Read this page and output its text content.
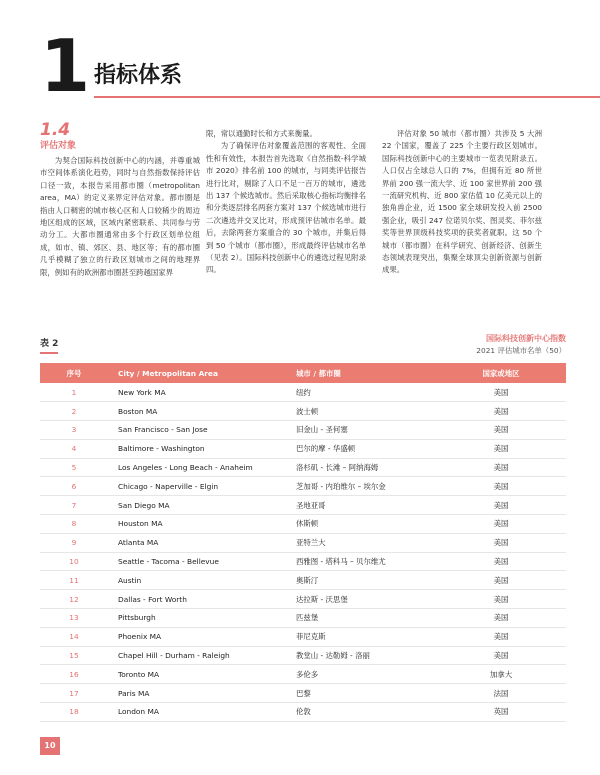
1 指标体系
1.4
评估对象

为契合国际科技创新中心的内涵，并尊重城市空间体系演化趋势，同时与自然指数保持评估口径一致，本报告采用都市圈（metropolitan area，MA）的定义来界定评估对象。都市圈是指由人口稠密的城市核心区和人口较稀少的周边地区组成的区域，区域内紧密联系、共同参与劳动分工。大都市圈通常由多个行政区划单位组成，如市、镇、郊区、县、地区等；有的都市圈几乎模糊了独立的行政区划城市之间的地理界限，例如有的欧洲都市圈甚至跨越国家界

限，常以通勤时长和方式来衡量。

为了确保评估对象覆盖范围的客观性、全面性和有效性，本报告首先选取《自然指数-科学城市 2020》排名前 100 的城市，与同类评估报告进行比对，剔除了人口不足一百万的城市，遴选出 137 个候选城市。然后采取核心指标均衡排名和分类逐层排名两套方案对 137 个候选城市进行二次遴选并交叉比对，形成预评估城市名单。最后，去除两套方案重合的 30 个城市，并集后得到 50 个城市（都市圈），形成最终评估城市名单（见表 2）。国际科技创新中心的遴选过程见附录四。

评估对象 50 城市（都市圈）共涉及 5 大洲 22 个国家，覆盖了 225 个主要行政区划城市。国际科技创新中心的主要城市一览表见附录五。人口仅占全球总人口的 7%，但拥有近 80 所世界前 200 强一流大学、近 100 家世界前 200 强一流研究机构、近 800 家估值 10 亿美元以上的独角兽企业，近 1500 家全球研发投入前 2500 强企业，吸引 247 位诺贝尔奖、图灵奖、菲尔兹奖等世界顶级科技奖项的获奖者就职。这 50 个城市（都市圈）在科学研究、创新经济、创新生态领域表现突出，集聚全球顶尖创新资源与创新成果。

表 2
国际科技创新中心指数
2021 评估城市名单（50）
序号	City / Metropolitan Area	城市 / 都市圈	国家或地区
1	New York MA	纽约	美国
2	Boston MA	波士顿	美国
3	San Francisco - San Jose	旧金山 - 圣何塞	美国
4	Baltimore - Washington	巴尔的摩 - 华盛顿	美国
5	Los Angeles - Long Beach - Anaheim	洛杉矶 - 长滩 – 阿纳海姆	美国
6	Chicago - Naperville - Elgin	芝加哥 - 内珀维尔 – 埃尔金	美国
7	San Diego MA	圣地亚哥	美国
8	Houston MA	休斯顿	美国
9	Atlanta MA	亚特兰大	美国
10	Seattle - Tacoma - Bellevue	西雅图 - 塔科马 – 贝尔维尤	美国
11	Austin	奥斯汀	美国
12	Dallas - Fort Worth	达拉斯 - 沃思堡	美国
13	Pittsburgh	匹兹堡	美国
14	Phoenix MA	菲尼克斯	美国
15	Chapel Hill - Durham - Raleigh	教堂山 - 达勒姆 - 洛丽	美国
16	Toronto MA	多伦多	加拿大
17	Paris MA	巴黎	法国
18	London MA	伦敦	英国
10
